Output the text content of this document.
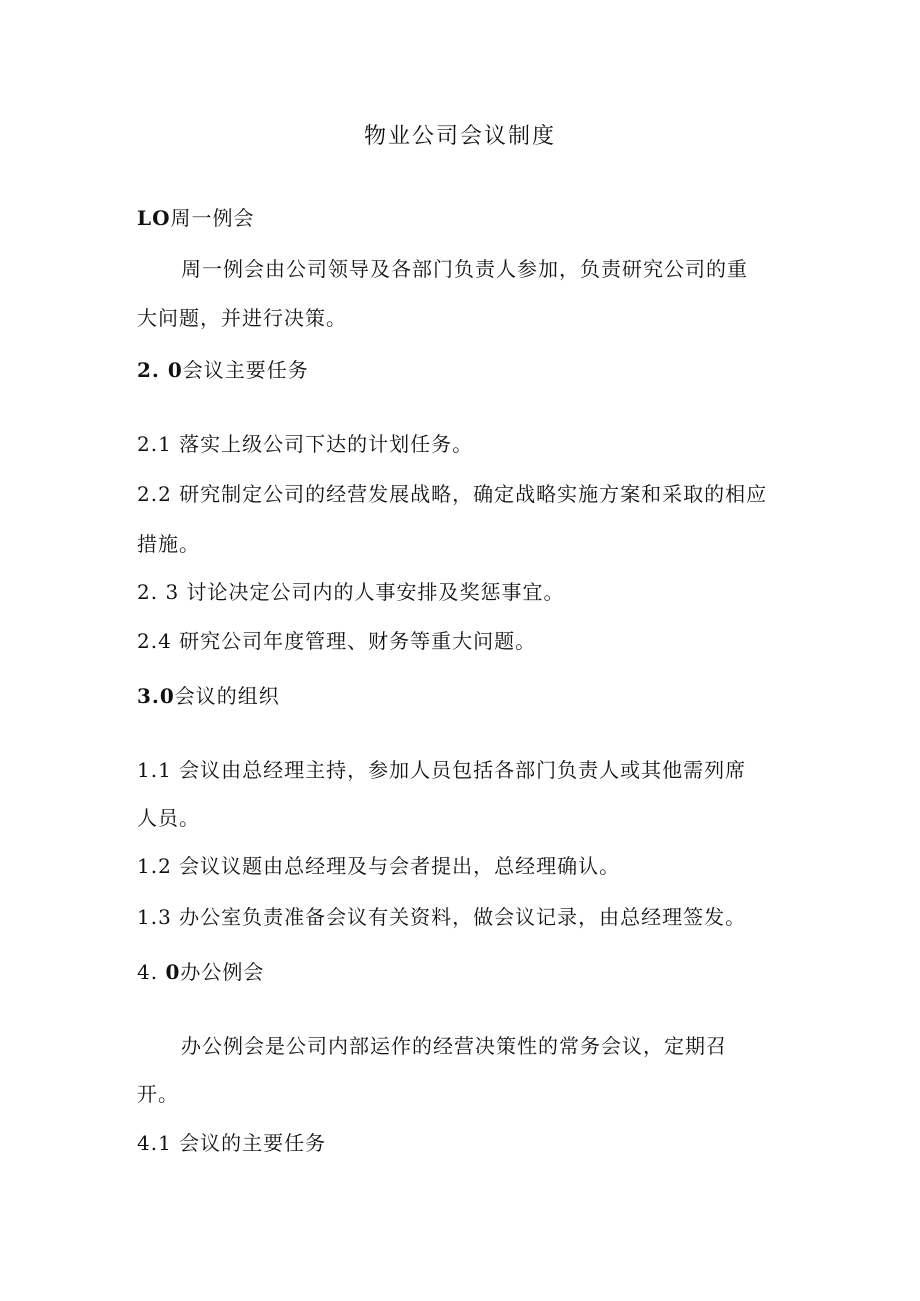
物业公司会议制度
LO周一例会
周一例会由公司领导及各部门负责人参加，负责研究公司的重
大问题，并进行决策。
2. 0会议主要任务
2.1 落实上级公司下达的计划任务。
2.2 研究制定公司的经营发展战略，确定战略实施方案和采取的相应
措施。
2. 3 讨论决定公司内的人事安排及奖惩事宜。
2.4 研究公司年度管理、财务等重大问题。
3.0会议的组织
1.1 会议由总经理主持，参加人员包括各部门负责人或其他需列席
人员。
1.2 会议议题由总经理及与会者提出，总经理确认。
1.3 办公室负责准备会议有关资料，做会议记录，由总经理签发。
4. 0办公例会
办公例会是公司内部运作的经营决策性的常务会议，定期召
开。
4.1 会议的主要任务
